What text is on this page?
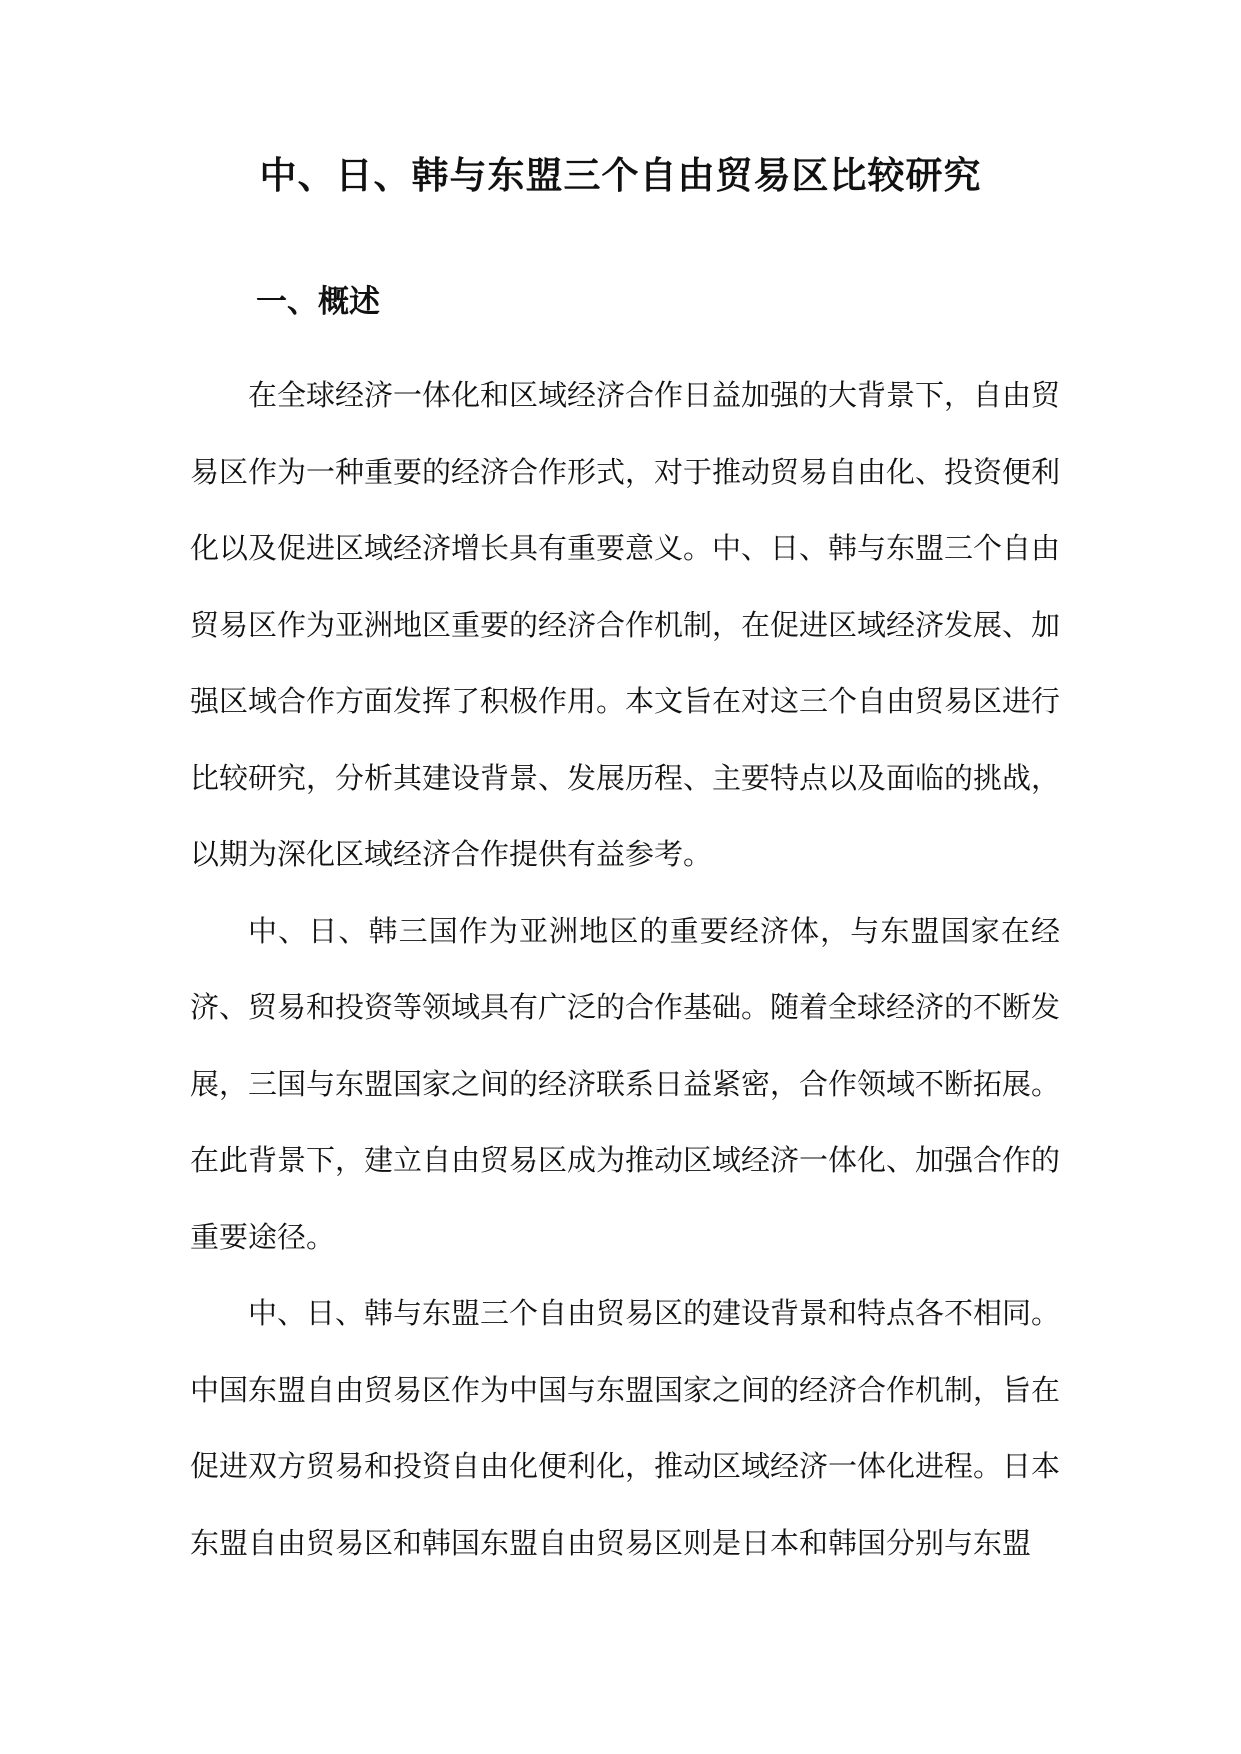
中、日、韩与东盟三个自由贸易区比较研究
一、概述

在全球经济一体化和区域经济合作日益加强的大背景下，自由贸易区作为一种重要的经济合作形式，对于推动贸易自由化、投资便利化以及促进区域经济增长具有重要意义。中、日、韩与东盟三个自由贸易区作为亚洲地区重要的经济合作机制，在促进区域经济发展、加强区域合作方面发挥了积极作用。本文旨在对这三个自由贸易区进行比较研究，分析其建设背景、发展历程、主要特点以及面临的挑战，以期为深化区域经济合作提供有益参考。

中、日、韩三国作为亚洲地区的重要经济体，与东盟国家在经济、贸易和投资等领域具有广泛的合作基础。随着全球经济的不断发展，三国与东盟国家之间的经济联系日益紧密，合作领域不断拓展。在此背景下，建立自由贸易区成为推动区域经济一体化、加强合作的重要途径。

中、日、韩与东盟三个自由贸易区的建设背景和特点各不相同。中国东盟自由贸易区作为中国与东盟国家之间的经济合作机制，旨在促进双方贸易和投资自由化便利化，推动区域经济一体化进程。日本东盟自由贸易区和韩国东盟自由贸易区则是日本和韩国分别与东盟
